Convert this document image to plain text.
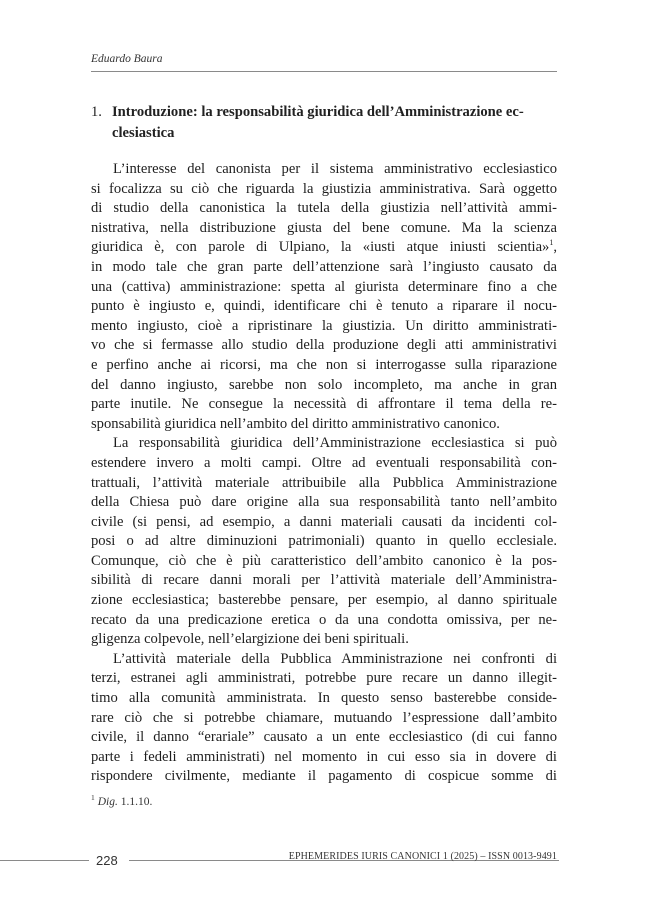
Eduardo Baura
1. Introduzione: la responsabilità giuridica dell’Amministrazione ec-
clesiastica
L’interesse del canonista per il sistema amministrativo ecclesiastico
si focalizza su ciò che riguarda la giustizia amministrativa. Sarà oggetto
di studio della canonistica la tutela della giustizia nell’attività ammi-
nistrativa, nella distribuzione giusta del bene comune. Ma la scienza
giuridica è, con parole di Ulpiano, la «iusti atque iniusti scientia»$^1$,
in modo tale che gran parte dell’attenzione sarà l’ingiusto causato da
una (cattiva) amministrazione: spetta al giurista determinare fino a che
punto è ingiusto e, quindi, identificare chi è tenuto a riparare il nocu-
mento ingiusto, cioè a ripristinare la giustizia. Un diritto amministrati-
vo che si fermasse allo studio della produzione degli atti amministrativi
e perfino anche ai ricorsi, ma che non si interrogasse sulla riparazione
del danno ingiusto, sarebbe non solo incompleto, ma anche in gran
parte inutile. Ne consegue la necessità di affrontare il tema della re-
sponsabilità giuridica nell’ambito del diritto amministrativo canonico.
La responsabilità giuridica dell’Amministrazione ecclesiastica si può
estendere invero a molti campi. Oltre ad eventuali responsabilità con-
trattuali, l’attività materiale attribuibile alla Pubblica Amministrazione
della Chiesa può dare origine alla sua responsabilità tanto nell’ambito
civile (si pensi, ad esempio, a danni materiali causati da incidenti col-
posi o ad altre diminuzioni patrimoniali) quanto in quello ecclesiale.
Comunque, ciò che è più caratteristico dell’ambito canonico è la pos-
sibilità di recare danni morali per l’attività materiale dell’Amministra-
zione ecclesiastica; basterebbe pensare, per esempio, al danno spirituale
recato da una predicazione eretica o da una condotta omissiva, per ne-
gligenza colpevole, nell’elargizione dei beni spirituali.
L’attività materiale della Pubblica Amministrazione nei confronti di
terzi, estranei agli amministrati, potrebbe pure recare un danno illegit-
timo alla comunità amministrata. In questo senso basterebbe conside-
rare ciò che si potrebbe chiamare, mutuando l’espressione dall’ambito
civile, il danno “erariale” causato a un ente ecclesiastico (di cui fanno
parte i fedeli amministrati) nel momento in cui esso sia in dovere di
rispondere civilmente, mediante il pagamento di cospicue somme di
$^1$ Dig. 1.1.10.
228	EPHEMERIDES IURIS CANONICI 1 (2025) – ISSN 0013-9491
